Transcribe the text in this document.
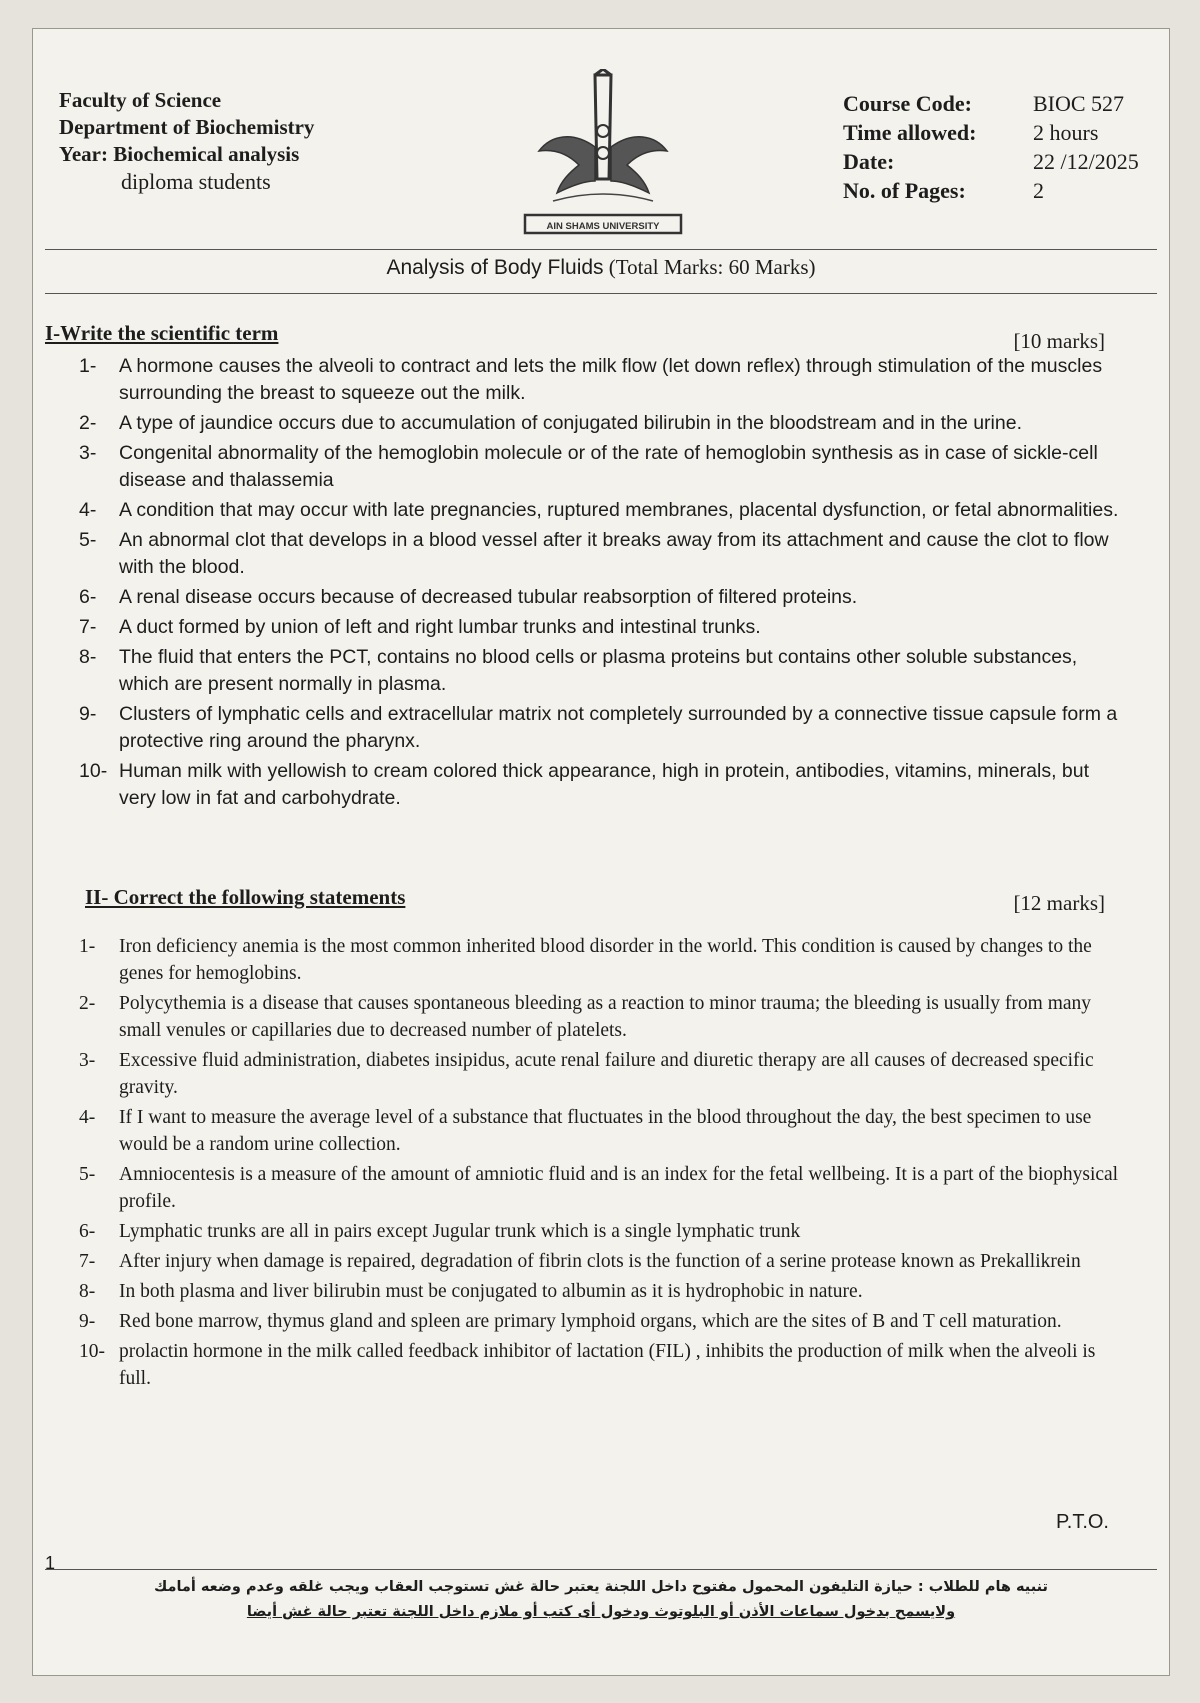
Faculty of Science
Department of Biochemistry
Year: Biochemical analysis
diploma students
AIN SHAMS UNIVERSITY
Course Code:	BIOC 527
Time allowed:	2 hours
Date:	22 /12/2025
No. of Pages:	2
Analysis of Body Fluids (Total Marks: 60 Marks)
I-Write the scientific term	[10 marks]
1- A hormone causes the alveoli to contract and lets the milk flow (let down reflex) through stimulation of the muscles surrounding the breast to squeeze out the milk.
2- A type of jaundice occurs due to accumulation of conjugated bilirubin in the bloodstream and in the urine.
3- Congenital abnormality of the hemoglobin molecule or of the rate of hemoglobin synthesis as in case of sickle-cell disease and thalassemia
4- A condition that may occur with late pregnancies, ruptured membranes, placental dysfunction, or fetal abnormalities.
5- An abnormal clot that develops in a blood vessel after it breaks away from its attachment and cause the clot to flow with the blood.
6- A renal disease occurs because of decreased tubular reabsorption of filtered proteins.
7- A duct formed by union of left and right lumbar trunks and intestinal trunks.
8- The fluid that enters the PCT, contains no blood cells or plasma proteins but contains other soluble substances, which are present normally in plasma.
9- Clusters of lymphatic cells and extracellular matrix not completely surrounded by a connective tissue capsule form a protective ring around the pharynx.
10- Human milk with yellowish to cream colored thick appearance, high in protein, antibodies, vitamins, minerals, but very low in fat and carbohydrate.
II- Correct the following statements	[12 marks]
1- Iron deficiency anemia is the most common inherited blood disorder in the world. This condition is caused by changes to the genes for hemoglobins.
2- Polycythemia is a disease that causes spontaneous bleeding as a reaction to minor trauma; the bleeding is usually from many small venules or capillaries due to decreased number of platelets.
3- Excessive fluid administration, diabetes insipidus, acute renal failure and diuretic therapy are all causes of decreased specific gravity.
4- If I want to measure the average level of a substance that fluctuates in the blood throughout the day, the best specimen to use would be a random urine collection.
5- Amniocentesis is a measure of the amount of amniotic fluid and is an index for the fetal wellbeing. It is a part of the biophysical profile.
6- Lymphatic trunks are all in pairs except Jugular trunk which is a single lymphatic trunk
7- After injury when damage is repaired, degradation of fibrin clots is the function of a serine protease known as Prekallikrein
8- In both plasma and liver bilirubin must be conjugated to albumin as it is hydrophobic in nature.
9- Red bone marrow, thymus gland and spleen are primary lymphoid organs, which are the sites of B and T cell maturation.
10- prolactin hormone in the milk called feedback inhibitor of lactation (FIL) , inhibits the production of milk when the alveoli is full.
P.T.O.
1
تنبيه هام للطلاب : حيازة التليفون المحمول مفتوح داخل اللجنة يعتبر حالة غش تستوجب العقاب ويجب غلقه وعدم وضعه أمامك
ولايسمح بدخول سماعات الأذن أو البلوتوث ودخول أى كتب أو ملازم داخل اللجنة تعتبر حالة غش أيضا
